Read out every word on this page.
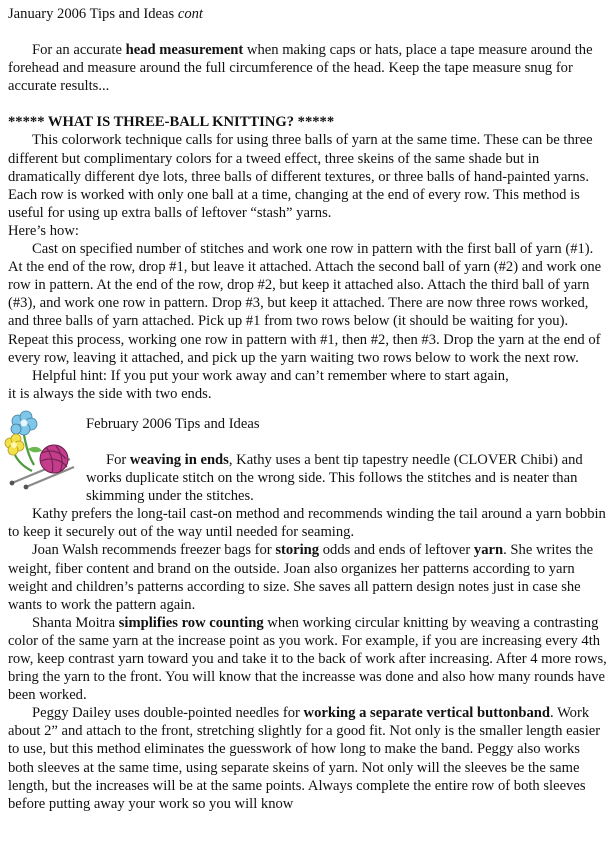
January 2006 Tips and Ideas cont

For an accurate head measurement when making caps or hats, place a tape measure around the forehead and measure around the full circumference of the head. Keep the tape measure snug for accurate results...

***** WHAT IS THREE-BALL KNITTING? *****

This colorwork technique calls for using three balls of yarn at the same time. These can be three different but complimentary colors for a tweed effect, three skeins of the same shade but in dramatically different dye lots, three balls of different textures, or three balls of hand-painted yarns. Each row is worked with only one ball at a time, changing at the end of every row. This method is useful for using up extra balls of leftover “stash” yarns.

Here’s how:

Cast on specified number of stitches and work one row in pattern with the first ball of yarn (#1). At the end of the row, drop #1, but leave it attached. Attach the second ball of yarn (#2) and work one row in pattern. At the end of the row, drop #2, but keep it attached also. Attach the third ball of yarn (#3), and work one row in pattern. Drop #3, but keep it attached. There are now three rows worked, and three balls of yarn attached. Pick up #1 from two rows below (it should be waiting for you). Repeat this process, working one row in pattern with #1, then #2, then #3. Drop the yarn at the end of every row, leaving it attached, and pick up the yarn waiting two rows below to work the next row.

Helpful hint: If you put your work away and can’t remember where to start again,

it is always the side with two ends.

February 2006 Tips and Ideas

For weaving in ends, Kathy uses a bent tip tapestry needle (CLOVER Chibi) and works duplicate stitch on the wrong side. This follows the stitches and is neater than skimming under the stitches.

Kathy prefers the long-tail cast-on method and recommends winding the tail around a yarn bobbin to keep it securely out of the way until needed for seaming.

Joan Walsh recommends freezer bags for storing odds and ends of leftover yarn. She writes the weight, fiber content and brand on the outside. Joan also organizes her patterns according to yarn weight and children’s patterns according to size. She saves all pattern design notes just in case she wants to work the pattern again.

Shanta Moitra simplifies row counting when working circular knitting by weaving a contrasting color of the same yarn at the increase point as you work. For example, if you are increasing every 4th row, keep contrast yarn toward you and take it to the back of work after increasing. After 4 more rows, bring the yarn to the front. You will know that the increasse was done and also how many rounds have been worked.

Peggy Dailey uses double-pointed needles for working a separate vertical buttonband. Work about 2” and attach to the front, stretching slightly for a good fit. Not only is the smaller length easier to use, but this method eliminates the guesswork of how long to make the band. Peggy also works both sleeves at the same time, using separate skeins of yarn. Not only will the sleeves be the same length, but the increases will be at the same points. Always complete the entire row of both sleeves before putting away your work so you will know
